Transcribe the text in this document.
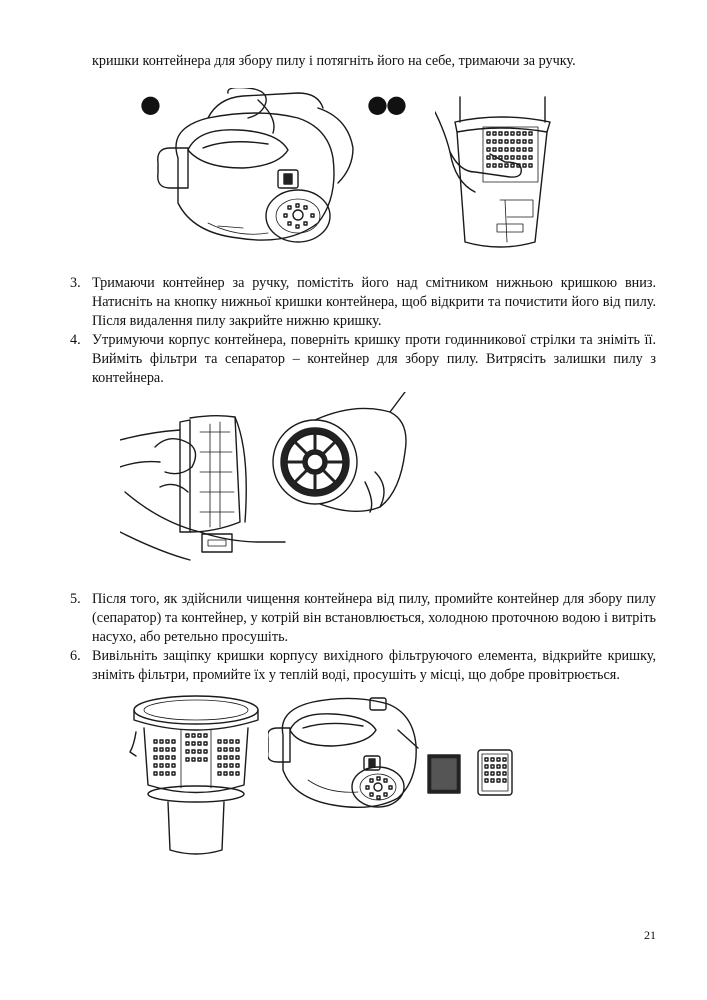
кришки контейнера для збору пилу і потягніть його на себе, тримаючи за ручку.
●	●●
3. Тримаючи контейнер за ручку, помістіть його над смітником нижньою кришкою вниз.
Натисніть на кнопку нижньої кришки контейнера, щоб відкрити та почистити його від пилу.
Після видалення пилу закрийте нижню кришку.
4. Утримуючи корпус контейнера, поверніть кришку проти годинникової стрілки та зніміть її.
Вийміть фільтри та сепаратор – контейнер для збору пилу. Витрясіть залишки пилу з
контейнера.
5. Після того, як здійснили чищення контейнера від пилу, промийте контейнер для збору пилу
(сепаратор) та контейнер, у котрій він встановлюється, холодною проточною водою і витріть
насухо, або ретельно просушіть.
6. Вивільніть защіпку кришки корпусу вихідного фільтруючого елемента, відкрийте кришку,
зніміть фільтри, промийте їх у теплій воді, просушіть у місці, що добре провітрюється.
21
